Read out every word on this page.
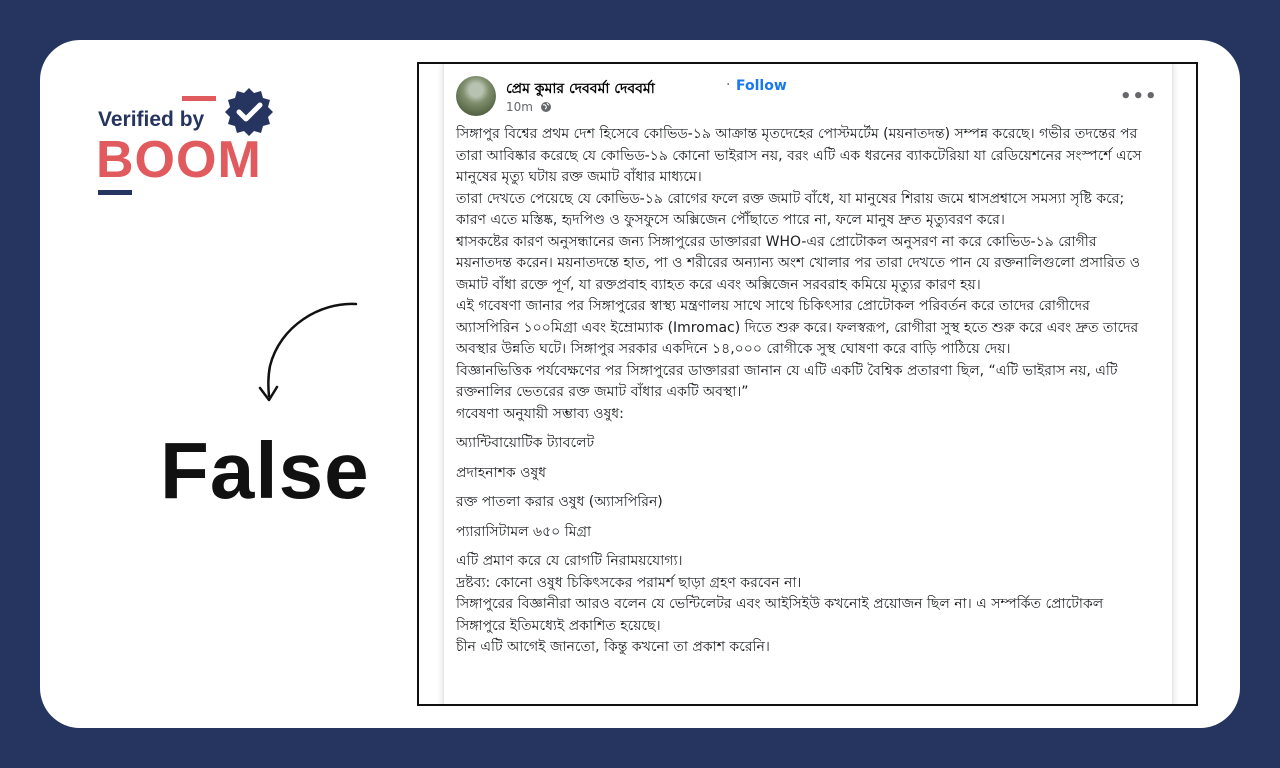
Verified by
BOOM
False
প্রেম কুমার দেববর্মা দেববর্মা	· Follow
10m	•••

সিঙ্গাপুর বিশ্বের প্রথম দেশ হিসেবে কোভিড-১৯ আক্রান্ত মৃতদেহের পোস্টমর্টেম (ময়নাতদন্ত) সম্পন্ন করেছে। গভীর তদন্তের পর তারা আবিষ্কার করেছে যে কোভিড-১৯ কোনো ভাইরাস নয়, বরং এটি এক ধরনের ব্যাকটেরিয়া যা রেডিয়েশনের সংস্পর্শে এসে মানুষের মৃত্যু ঘটায় রক্ত জমাট বাঁধার মাধ্যমে।

তারা দেখতে পেয়েছে যে কোভিড-১৯ রোগের ফলে রক্ত জমাট বাঁধে, যা মানুষের শিরায় জমে শ্বাসপ্রশ্বাসে সমস্যা সৃষ্টি করে; কারণ এতে মস্তিষ্ক, হৃদপিণ্ড ও ফুসফুসে অক্সিজেন পৌঁছাতে পারে না, ফলে মানুষ দ্রুত মৃত্যুবরণ করে।

শ্বাসকষ্টের কারণ অনুসন্ধানের জন্য সিঙ্গাপুরের ডাক্তাররা WHO-এর প্রোটোকল অনুসরণ না করে কোভিড-১৯ রোগীর ময়নাতদন্ত করেন। ময়নাতদন্তে হাত, পা ও শরীরের অন্যান্য অংশ খোলার পর তারা দেখতে পান যে রক্তনালিগুলো প্রসারিত ও জমাট বাঁধা রক্তে পূর্ণ, যা রক্তপ্রবাহ ব্যাহত করে এবং অক্সিজেন সরবরাহ কমিয়ে মৃত্যুর কারণ হয়।

এই গবেষণা জানার পর সিঙ্গাপুরের স্বাস্থ্য মন্ত্রণালয় সাথে সাথে চিকিৎসার প্রোটোকল পরিবর্তন করে তাদের রোগীদের অ্যাসপিরিন ১০০মিগ্রা এবং ইম্রোম্যাক (Imromac) দিতে শুরু করে। ফলস্বরূপ, রোগীরা সুস্থ হতে শুরু করে এবং দ্রুত তাদের অবস্থার উন্নতি ঘটে। সিঙ্গাপুর সরকার একদিনে ১৪,০০০ রোগীকে সুস্থ ঘোষণা করে বাড়ি পাঠিয়ে দেয়।

বিজ্ঞানভিত্তিক পর্যবেক্ষণের পর সিঙ্গাপুরের ডাক্তাররা জানান যে এটি একটি বৈশ্বিক প্রতারণা ছিল, “এটি ভাইরাস নয়, এটি রক্তনালির ভেতরের রক্ত জমাট বাঁধার একটি অবস্থা।”

গবেষণা অনুযায়ী সম্ভাব্য ওষুধ:

অ্যান্টিবায়োটিক ট্যাবলেট

প্রদাহনাশক ওষুধ

রক্ত পাতলা করার ওষুধ (অ্যাসপিরিন)

প্যারাসিটামল ৬৫০ মিগ্রা

এটি প্রমাণ করে যে রোগটি নিরাময়যোগ্য।

দ্রষ্টব্য: কোনো ওষুধ চিকিৎসকের পরামর্শ ছাড়া গ্রহণ করবেন না।

সিঙ্গাপুরের বিজ্ঞানীরা আরও বলেন যে ভেন্টিলেটর এবং আইসিইউ কখনোই প্রয়োজন ছিল না। এ সম্পর্কিত প্রোটোকল সিঙ্গাপুরে ইতিমধ্যেই প্রকাশিত হয়েছে।

চীন এটি আগেই জানতো, কিন্তু কখনো তা প্রকাশ করেনি।
